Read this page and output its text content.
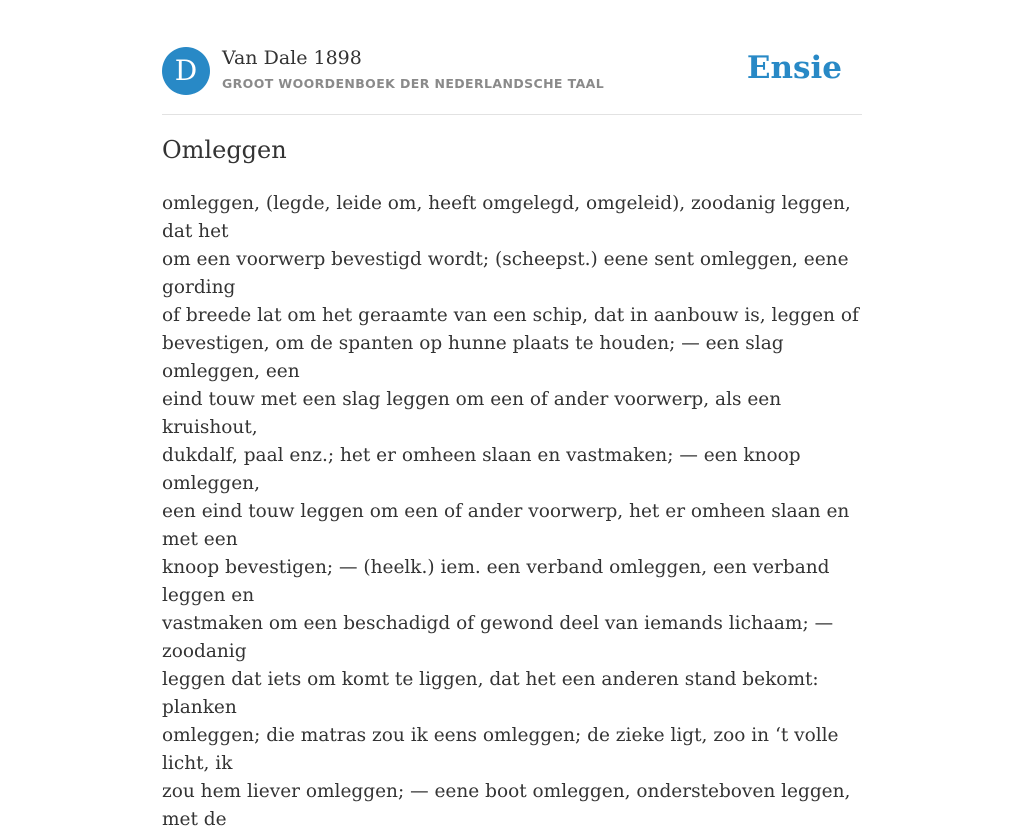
D	Van Dale 1898
GROOT WOORDENBOEK DER NEDERLANDSCHE TAAL	Ensie
Omleggen

omleggen, (legde, leide om, heeft omgelegd, omgeleid), zoodanig leggen, dat het
om een voorwerp bevestigd wordt; (scheepst.) eene sent omleggen, eene gording
of breede lat om het geraamte van een schip, dat in aanbouw is, leggen of
bevestigen, om de spanten op hunne plaats te houden; — een slag omleggen, een
eind touw met een slag leggen om een of ander voorwerp, als een kruishout,
dukdalf, paal enz.; het er omheen slaan en vastmaken; — een knoop omleggen,
een eind touw leggen om een of ander voorwerp, het er omheen slaan en met een
knoop bevestigen; — (heelk.) iem. een verband omleggen, een verband leggen en
vastmaken om een beschadigd of gewond deel van iemands lichaam; — zoodanig
leggen dat iets om komt te liggen, dat het een anderen stand bekomt: planken
omleggen; die matras zou ik eens omleggen; de zieke ligt, zoo in ‘t volle licht, ik
zou hem liever omleggen; — eene boot omleggen, ondersteboven leggen, met de
